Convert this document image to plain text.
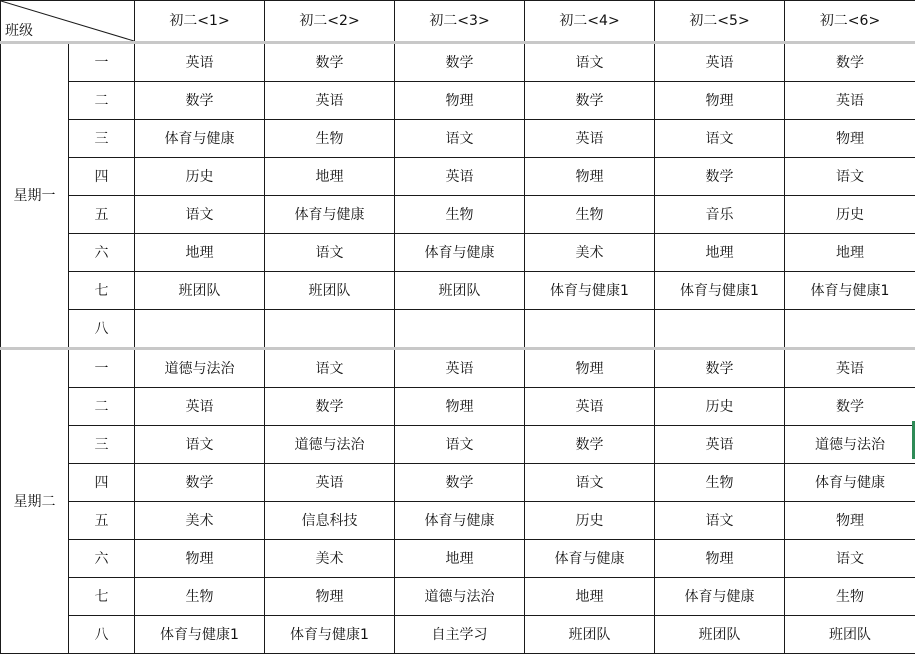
班级		初二<1>	初二<2>	初二<3>	初二<4>	初二<5>	初二<6>
星期一	一	英语	数学	数学	语文	英语	数学
	二	数学	英语	物理	数学	物理	英语
	三	体育与健康	生物	语文	英语	语文	物理
	四	历史	地理	英语	物理	数学	语文
	五	语文	体育与健康	生物	生物	音乐	历史
	六	地理	语文	体育与健康	美术	地理	地理
	七	班团队	班团队	班团队	体育与健康1	体育与健康1	体育与健康1
	八						
星期二	一	道德与法治	语文	英语	物理	数学	英语
	二	英语	数学	物理	英语	历史	数学
	三	语文	道德与法治	语文	数学	英语	道德与法治
	四	数学	英语	数学	语文	生物	体育与健康
	五	美术	信息科技	体育与健康	历史	语文	物理
	六	物理	美术	地理	体育与健康	物理	语文
	七	生物	物理	道德与法治	地理	体育与健康	生物
	八	体育与健康1	体育与健康1	自主学习	班团队	班团队	班团队
